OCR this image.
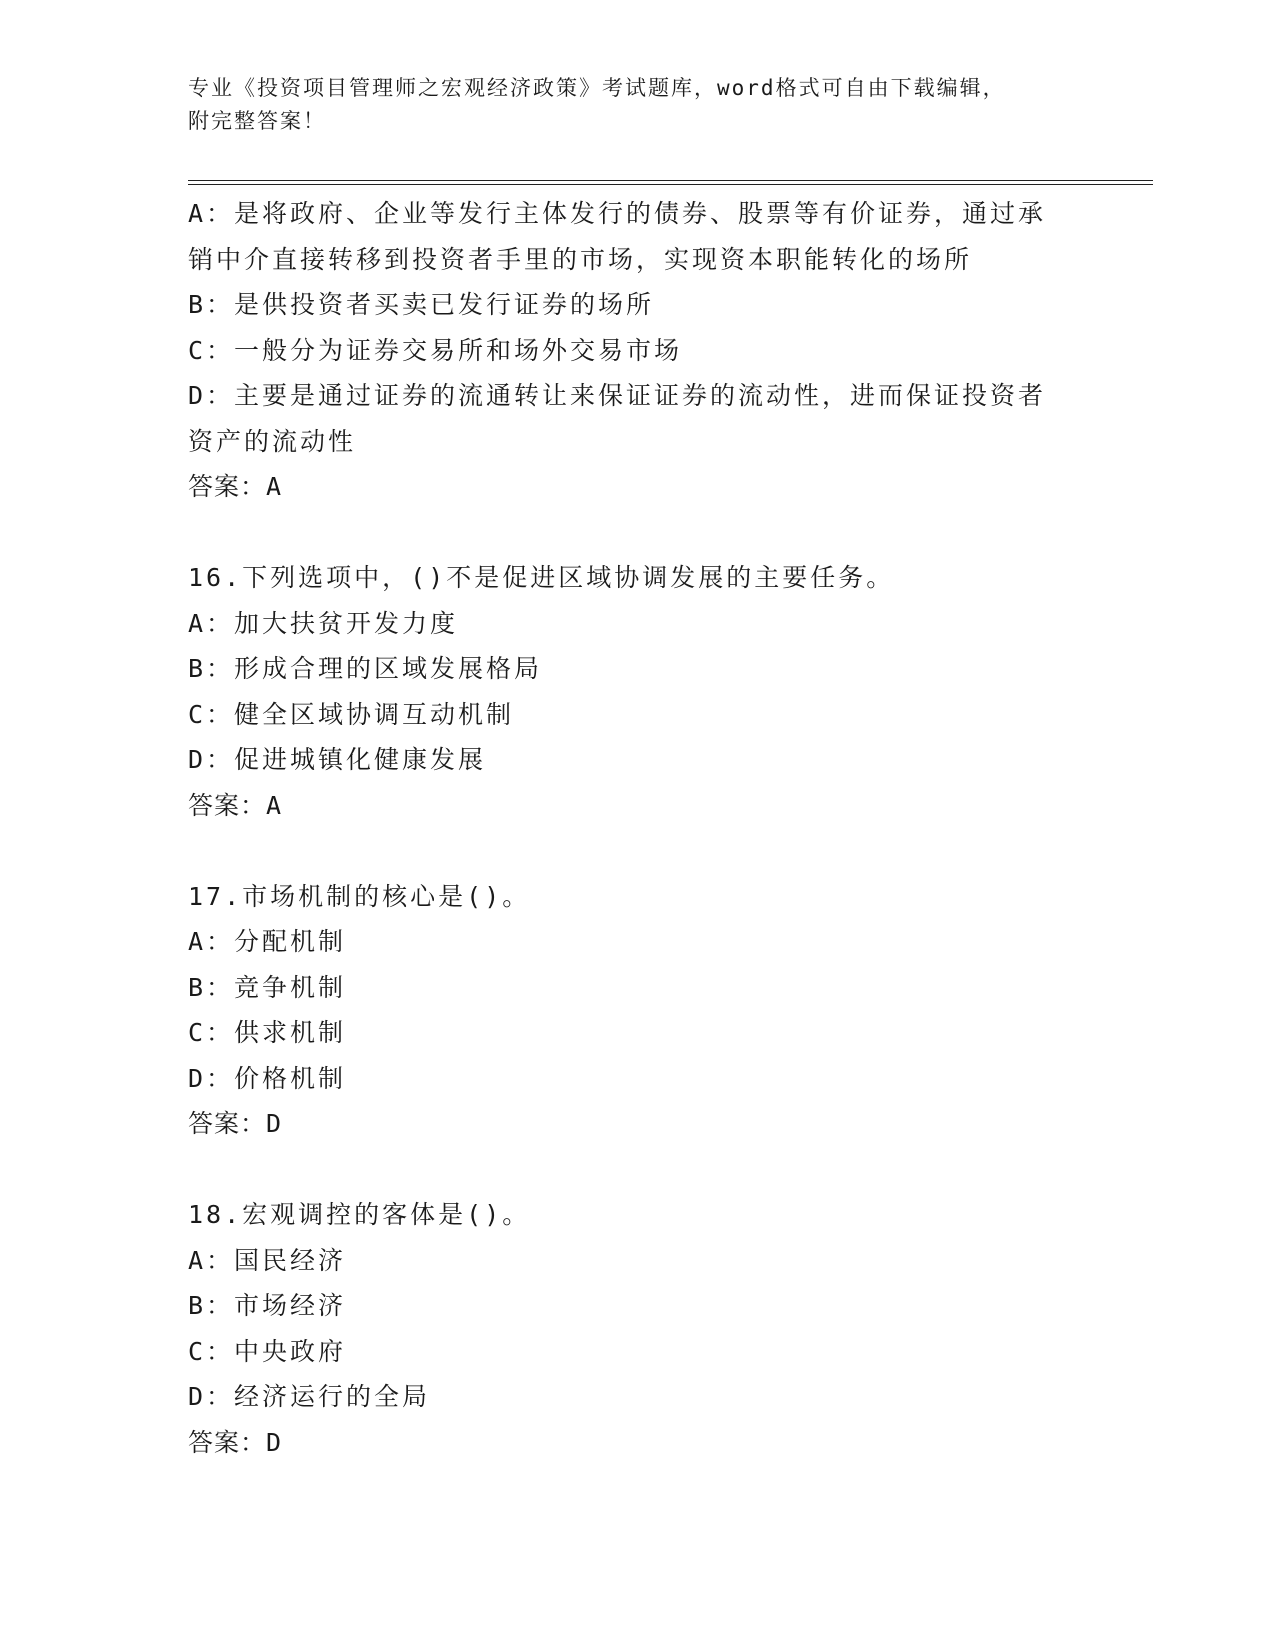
专业《投资项目管理师之宏观经济政策》考试题库，word格式可自由下载编辑，
附完整答案！
A：是将政府、企业等发行主体发行的债券、股票等有价证券，通过承
销中介直接转移到投资者手里的市场，实现资本职能转化的场所
B：是供投资者买卖已发行证券的场所
C：一般分为证券交易所和场外交易市场
D：主要是通过证券的流通转让来保证证券的流动性，进而保证投资者
资产的流动性
答案：A
16.下列选项中，()不是促进区域协调发展的主要任务。
A：加大扶贫开发力度
B：形成合理的区域发展格局
C：健全区域协调互动机制
D：促进城镇化健康发展
答案：A
17.市场机制的核心是()。
A：分配机制
B：竞争机制
C：供求机制
D：价格机制
答案：D
18.宏观调控的客体是()。
A：国民经济
B：市场经济
C：中央政府
D：经济运行的全局
答案：D
